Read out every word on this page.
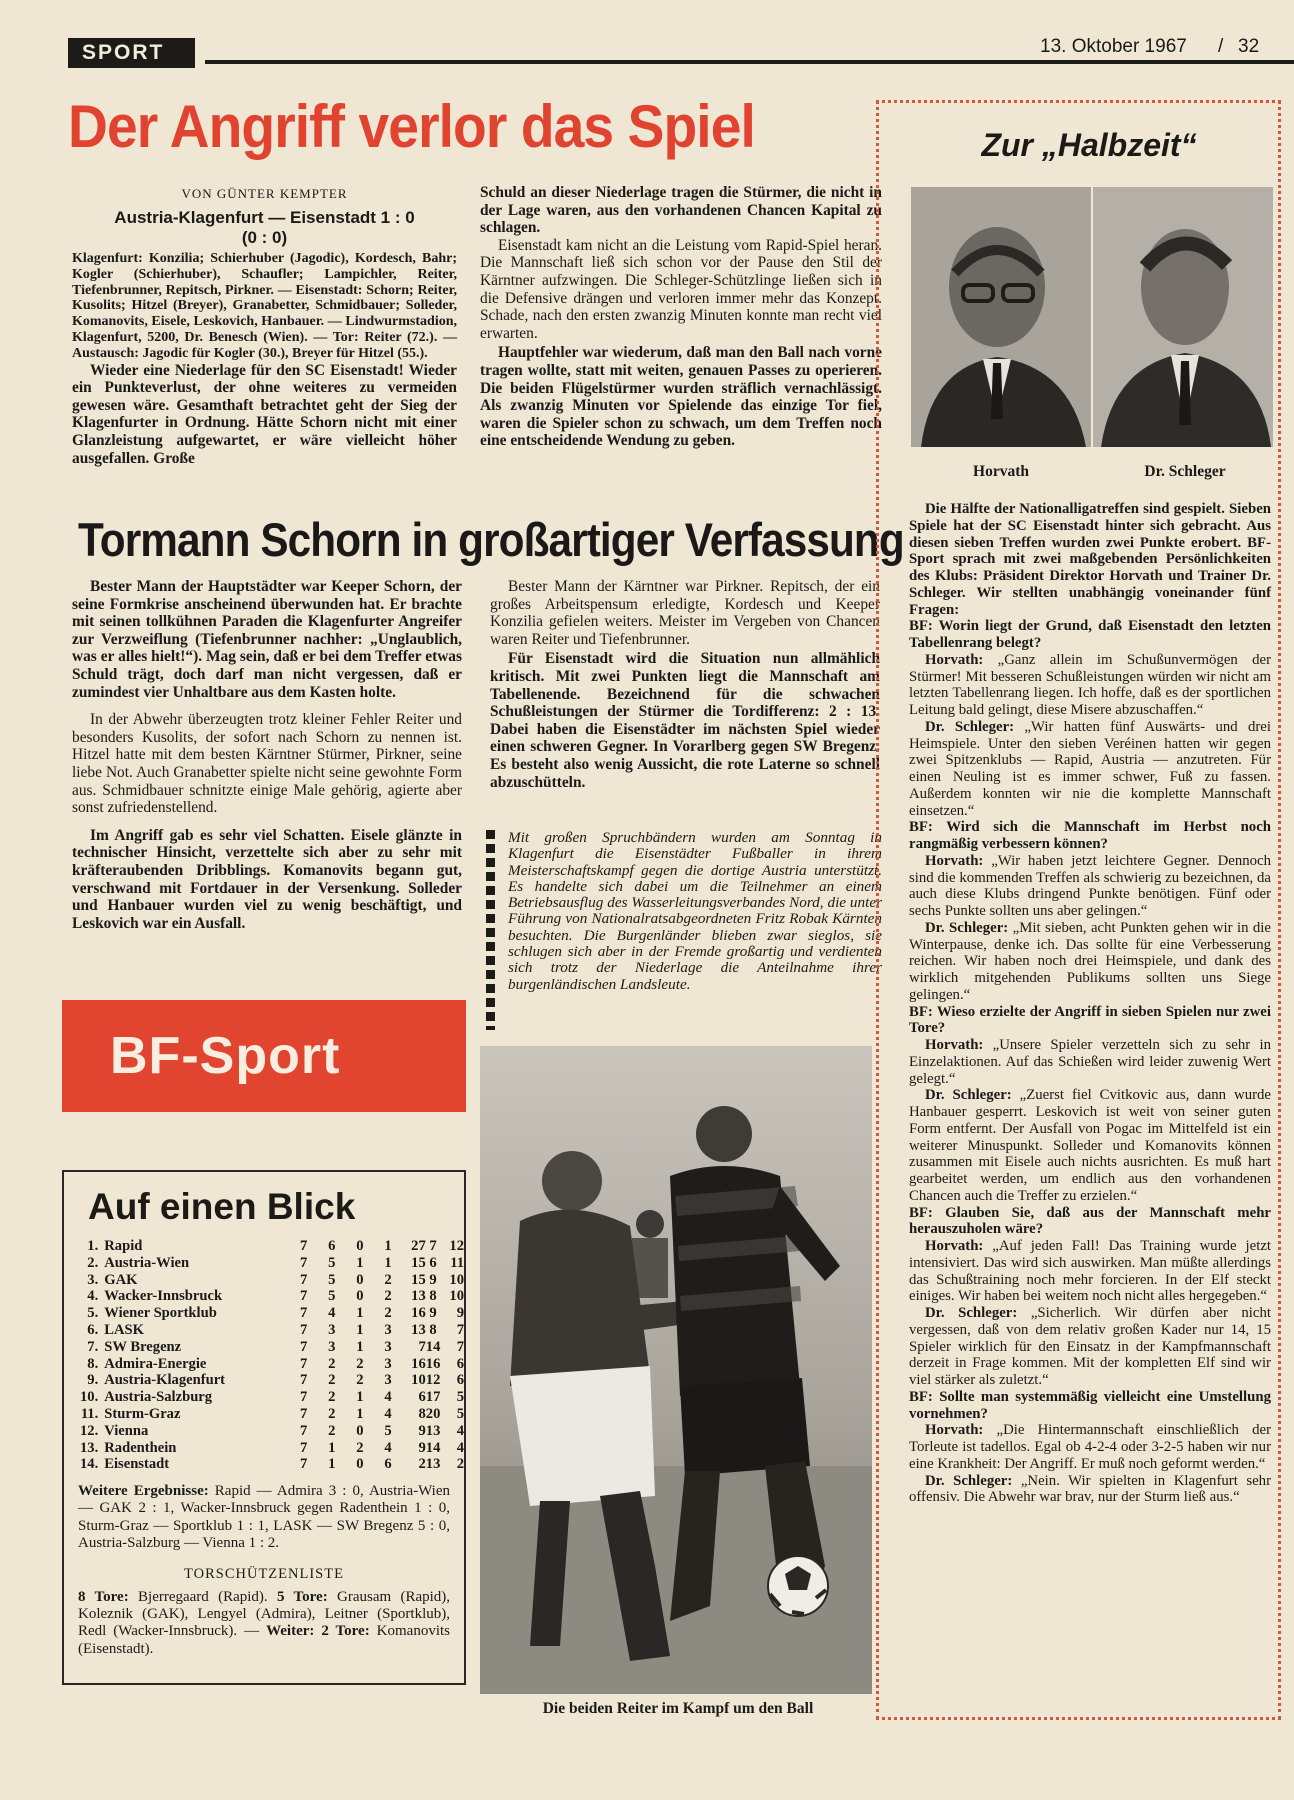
SPORT	13. Oktober 1967 / 32
Der Angriff verlor das Spiel
VON GÜNTER KEMPTER
Austria-Klagenfurt — Eisenstadt 1 : 0
(0 : 0)
Klagenfurt: Konzilia; Schierhuber (Jagodic), Kordesch, Bahr; Kogler (Schierhuber), Schaufler; Lampichler, Reiter, Tiefenbrunner, Repitsch, Pirkner. — Eisenstadt: Schorn; Reiter, Kusolits; Hitzel (Breyer), Granabetter, Schmidbauer; Solleder, Komanovits, Eisele, Leskovich, Hanbauer. — Lindwurmstadion, Klagenfurt, 5200, Dr. Benesch (Wien). — Tor: Reiter (72.). — Austausch: Jagodic für Kogler (30.), Breyer für Hitzel (55.).
Wieder eine Niederlage für den SC Eisenstadt! Wieder ein Punkteverlust, der ohne weiteres zu vermeiden gewesen wäre. Gesamthaft betrachtet geht der Sieg der Klagenfurter in Ordnung. Hätte Schorn nicht mit einer Glanzleistung aufgewartet, er wäre vielleicht höher ausgefallen. Große
Schuld an dieser Niederlage tragen die Stürmer, die nicht in der Lage waren, aus den vorhandenen Chancen Kapital zu schlagen.
Eisenstadt kam nicht an die Leistung vom Rapid-Spiel heran. Die Mannschaft ließ sich schon vor der Pause den Stil der Kärntner aufzwingen. Die Schleger-Schützlinge ließen sich in die Defensive drängen und verloren immer mehr das Konzept. Schade, nach den ersten zwanzig Minuten konnte man recht viel erwarten.
Hauptfehler war wiederum, daß man den Ball nach vorne tragen wollte, statt mit weiten, genauen Passes zu operieren. Die beiden Flügelstürmer wurden sträflich vernachlässigt. Als zwanzig Minuten vor Spielende das einzige Tor fiel, waren die Spieler schon zu schwach, um dem Treffen noch eine entscheidende Wendung zu geben.
Tormann Schorn in großartiger Verfassung
Bester Mann der Hauptstädter war Keeper Schorn, der seine Formkrise anscheinend überwunden hat. Er brachte mit seinen tollkühnen Paraden die Klagenfurter Angreifer zur Verzweiflung (Tiefenbrunner nachher: „Unglaublich, was er alles hielt!“). Mag sein, daß er bei dem Treffer etwas Schuld trägt, doch darf man nicht vergessen, daß er zumindest vier Unhaltbare aus dem Kasten holte.
In der Abwehr überzeugten trotz kleiner Fehler Reiter und besonders Kusolits, der sofort nach Schorn zu nennen ist. Hitzel hatte mit dem besten Kärntner Stürmer, Pirkner, seine liebe Not. Auch Granabetter spielte nicht seine gewohnte Form aus. Schmidbauer schnitzte einige Male gehörig, agierte aber sonst zufriedenstellend.
Im Angriff gab es sehr viel Schatten. Eisele glänzte in technischer Hinsicht, verzettelte sich aber zu sehr mit kräfteraubenden Dribblings. Komanovits begann gut, verschwand mit Fortdauer in der Versenkung. Solleder und Hanbauer wurden viel zu wenig beschäftigt, und Leskovich war ein Ausfall.
Bester Mann der Kärntner war Pirkner. Repitsch, der ein großes Arbeitspensum erledigte, Kordesch und Keeper Konzilia gefielen weiters. Meister im Vergeben von Chancen waren Reiter und Tiefenbrunner.
Für Eisenstadt wird die Situation nun allmählich kritisch. Mit zwei Punkten liegt die Mannschaft am Tabellenende. Bezeichnend für die schwachen Schußleistungen der Stürmer die Tordifferenz: 2 : 13. Dabei haben die Eisenstädter im nächsten Spiel wieder einen schweren Gegner. In Vorarlberg gegen SW Bregenz. Es besteht also wenig Aussicht, die rote Laterne so schnell abzuschütteln.
Mit großen Spruchbändern wurden am Sonntag in Klagenfurt die Eisenstädter Fußballer in ihrem Meisterschaftskampf gegen die dortige Austria unterstützt. Es handelte sich dabei um die Teilnehmer an einem Betriebsausflug des Wasserleitungsverbandes Nord, die unter Führung von Nationalratsabgeordneten Fritz Robak Kärnten besuchten. Die Burgenländer blieben zwar sieglos, sie schlugen sich aber in der Fremde großartig und verdienten sich trotz der Niederlage die Anteilnahme ihrer burgenländischen Landsleute.
BF-Sport
Auf einen Blick
1.	Rapid	7	6	0	1	27	7	12
2.	Austria-Wien	7	5	1	1	15	6	11
3.	GAK	7	5	0	2	15	9	10
4.	Wacker-Innsbruck	7	5	0	2	13	8	10
5.	Wiener Sportklub	7	4	1	2	16	9	9
6.	LASK	7	3	1	3	13	8	7
7.	SW Bregenz	7	3	1	3	7	14	7
8.	Admira-Energie	7	2	2	3	16	16	6
9.	Austria-Klagenfurt	7	2	2	3	10	12	6
10.	Austria-Salzburg	7	2	1	4	6	17	5
11.	Sturm-Graz	7	2	1	4	8	20	5
12.	Vienna	7	2	0	5	9	13	4
13.	Radenthein	7	1	2	4	9	14	4
14.	Eisenstadt	7	1	0	6	2	13	2
Weitere Ergebnisse: Rapid — Admira 3 : 0, Austria-Wien — GAK 2 : 1, Wacker-Innsbruck gegen Radenthein 1 : 0, Sturm-Graz — Sportklub 1 : 1, LASK — SW Bregenz 5 : 0, Austria-Salzburg — Vienna 1 : 2.
TORSCHÜTZENLISTE
8 Tore: Bjerregaard (Rapid). 5 Tore: Grausam (Rapid), Koleznik (GAK), Lengyel (Admira), Leitner (Sportklub), Redl (Wacker-Innsbruck). — Weiter: 2 Tore: Komanovits (Eisenstadt).
Die beiden Reiter im Kampf um den Ball
Zur „Halbzeit“
Horvath	Dr. Schleger

Die Hälfte der Nationalligatreffen sind gespielt. Sieben Spiele hat der SC Eisenstadt hinter sich gebracht. Aus diesen sieben Treffen wurden zwei Punkte erobert. BF-Sport sprach mit zwei maßgebenden Persönlichkeiten des Klubs: Präsident Direktor Horvath und Trainer Dr. Schleger. Wir stellten unabhängig voneinander fünf Fragen:

BF: Worin liegt der Grund, daß Eisenstadt den letzten Tabellenrang belegt?

Horvath: „Ganz allein im Schußunvermögen der Stürmer! Mit besseren Schußleistungen würden wir nicht am letzten Tabellenrang liegen. Ich hoffe, daß es der sportlichen Leitung bald gelingt, diese Misere abzuschaffen.“

Dr. Schleger: „Wir hatten fünf Auswärts- und drei Heimspiele. Unter den sieben Veréinen hatten wir gegen zwei Spitzenklubs — Rapid, Austria — anzutreten. Für einen Neuling ist es immer schwer, Fuß zu fassen. Außerdem konnten wir nie die komplette Mannschaft einsetzen.“

BF: Wird sich die Mannschaft im Herbst noch rangmäßig verbessern können?

Horvath: „Wir haben jetzt leichtere Gegner. Dennoch sind die kommenden Treffen als schwierig zu bezeichnen, da auch diese Klubs dringend Punkte benötigen. Fünf oder sechs Punkte sollten uns aber gelingen.“

Dr. Schleger: „Mit sieben, acht Punkten gehen wir in die Winterpause, denke ich. Das sollte für eine Verbesserung reichen. Wir haben noch drei Heimspiele, und dank des wirklich mitgehenden Publikums sollten uns Siege gelingen.“

BF: Wieso erzielte der Angriff in sieben Spielen nur zwei Tore?

Horvath: „Unsere Spieler verzetteln sich zu sehr in Einzelaktionen. Auf das Schießen wird leider zuwenig Wert gelegt.“

Dr. Schleger: „Zuerst fiel Cvitkovic aus, dann wurde Hanbauer gesperrt. Leskovich ist weit von seiner guten Form entfernt. Der Ausfall von Pogac im Mittelfeld ist ein weiterer Minuspunkt. Solleder und Komanovits können zusammen mit Eisele auch nichts ausrichten. Es muß hart gearbeitet werden, um endlich aus den vorhandenen Chancen auch die Treffer zu erzielen.“

BF: Glauben Sie, daß aus der Mannschaft mehr herauszuholen wäre?

Horvath: „Auf jeden Fall! Das Training wurde jetzt intensiviert. Das wird sich auswirken. Man müßte allerdings das Schußtraining noch mehr forcieren. In der Elf steckt einiges. Wir haben bei weitem noch nicht alles hergegeben.“

Dr. Schleger: „Sicherlich. Wir dürfen aber nicht vergessen, daß von dem relativ großen Kader nur 14, 15 Spieler wirklich für den Einsatz in der Kampfmannschaft derzeit in Frage kommen. Mit der kompletten Elf sind wir viel stärker als zuletzt.“

BF: Sollte man systemmäßig vielleicht eine Umstellung vornehmen?

Horvath: „Die Hintermannschaft einschließlich der Torleute ist tadellos. Egal ob 4-2-4 oder 3-2-5 haben wir nur eine Krankheit: Der Angriff. Er muß noch geformt werden.“

Dr. Schleger: „Nein. Wir spielten in Klagenfurt sehr offensiv. Die Abwehr war brav, nur der Sturm ließ aus.“
